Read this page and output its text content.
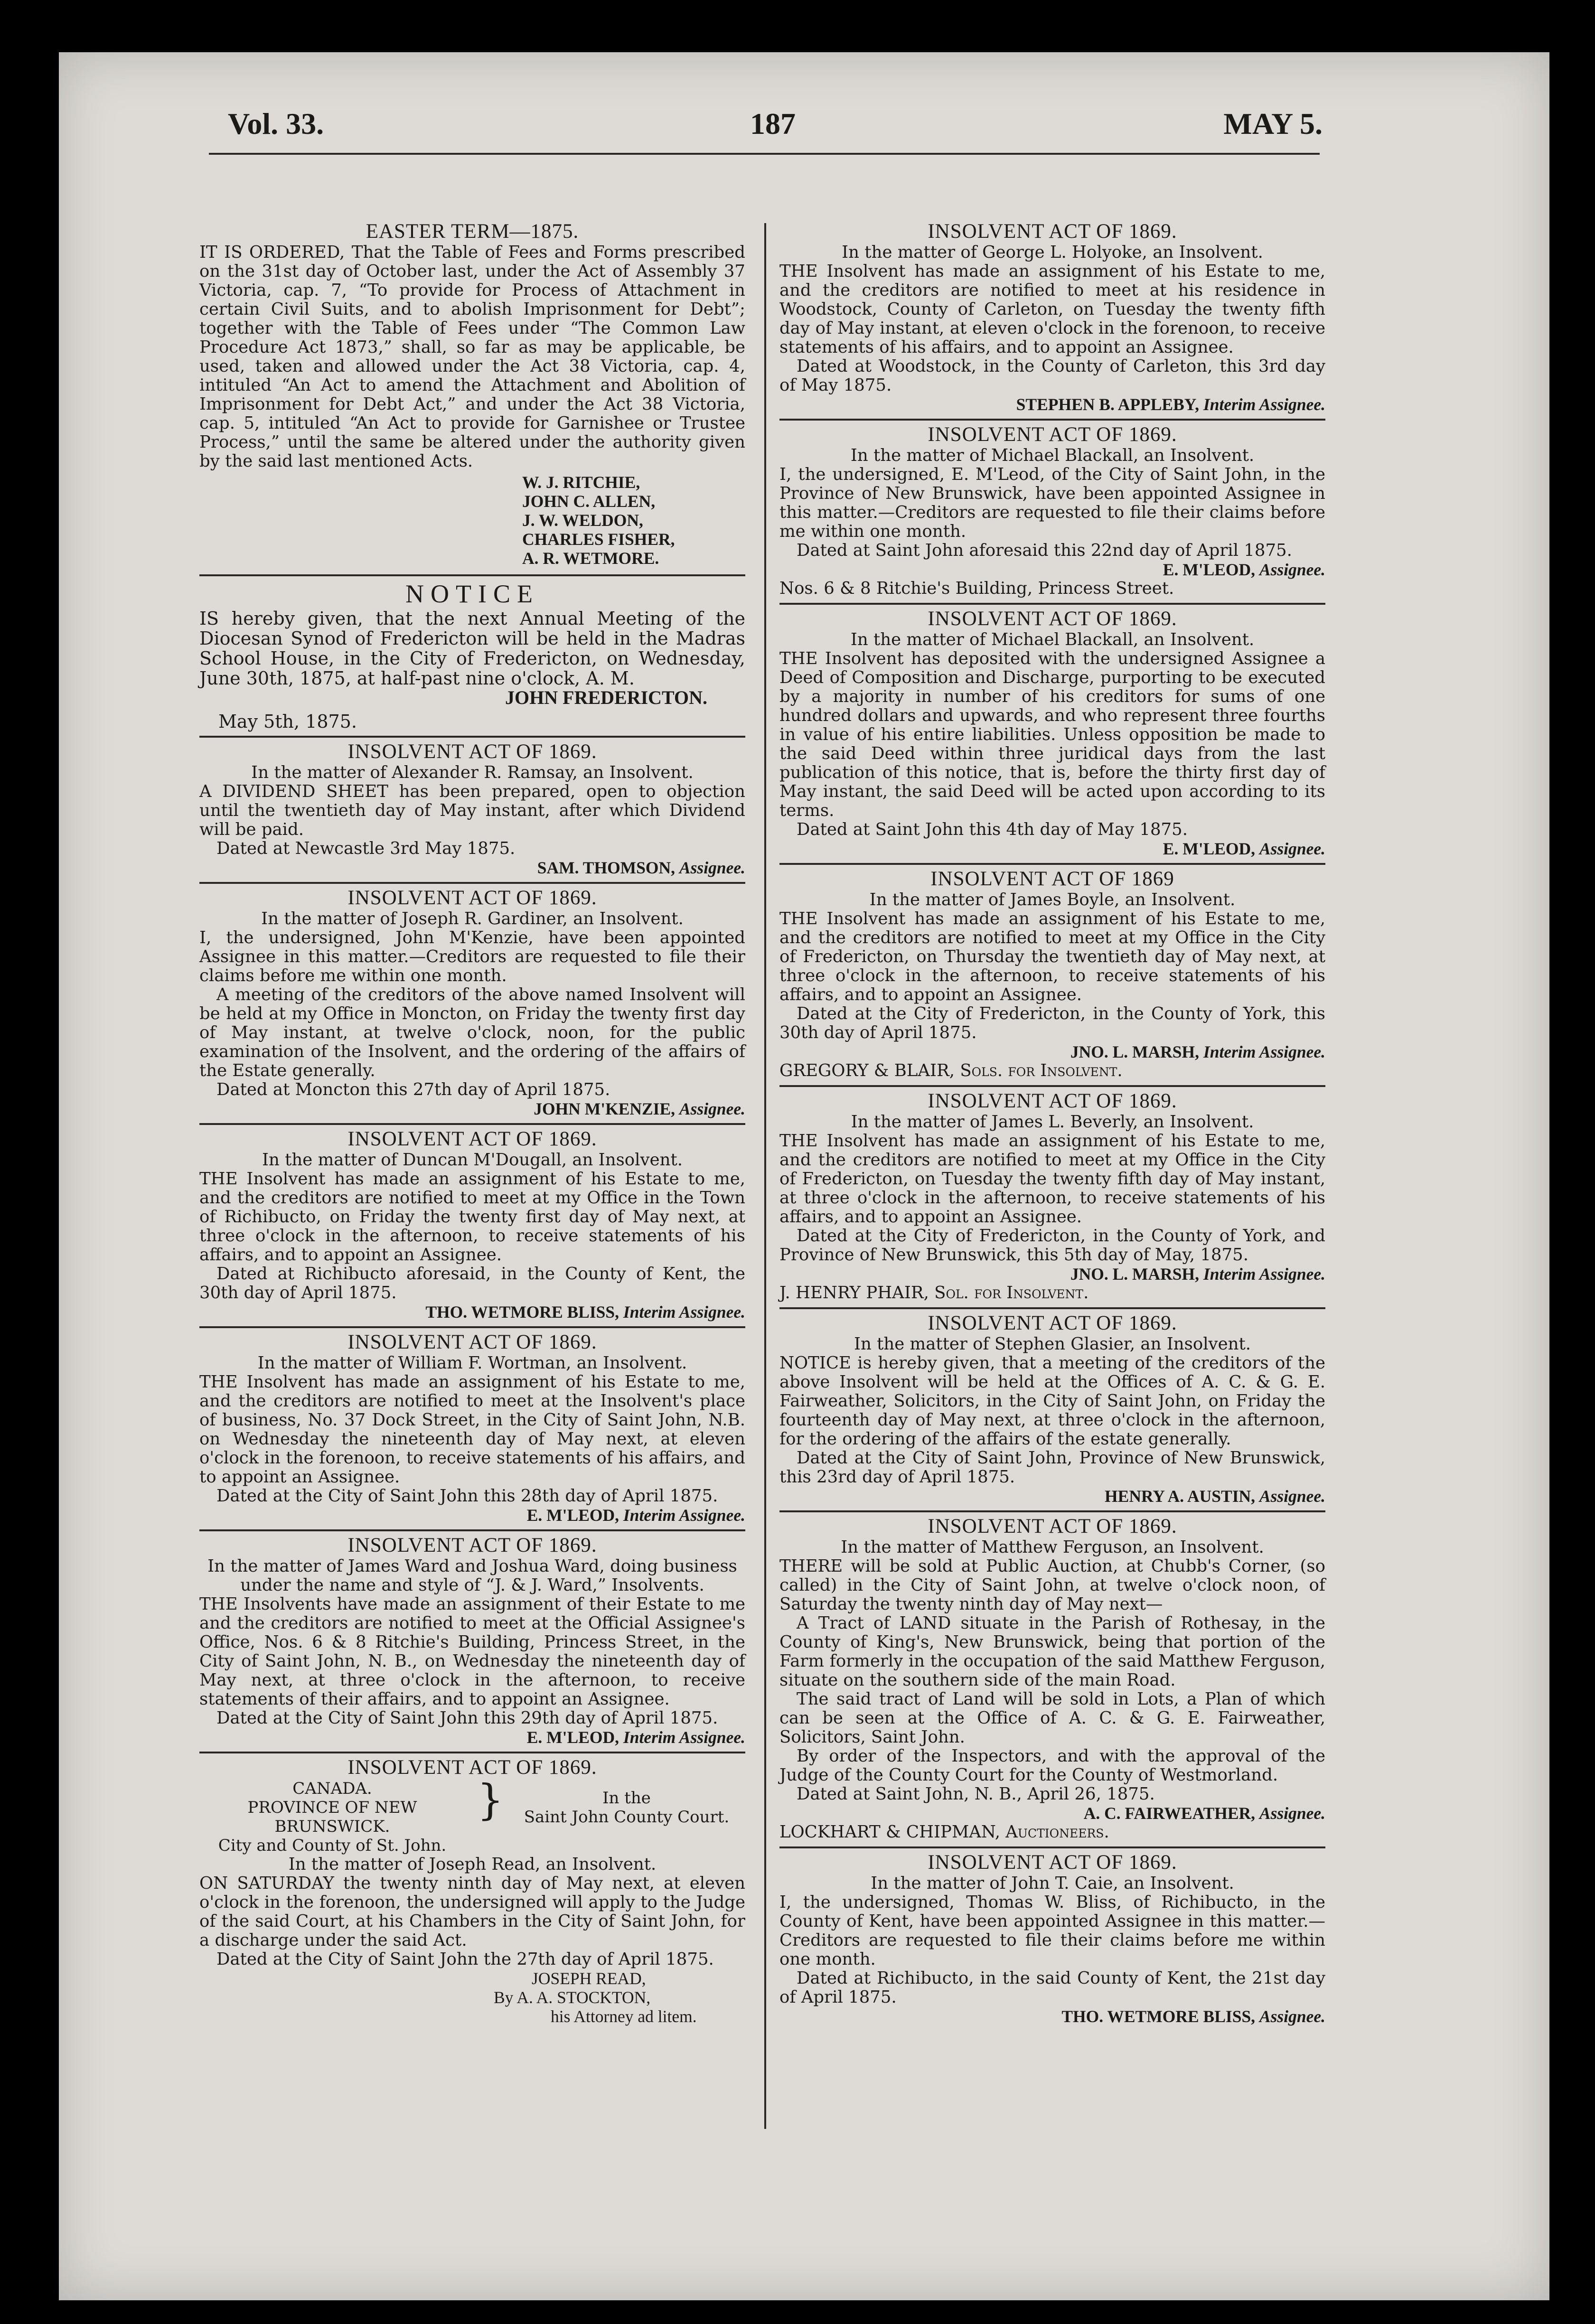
Vol. 33.	187	MAY 5.
EASTER TERM—1875.

IT IS ORDERED, That the Table of Fees and Forms prescribed on the 31st day of October last, under the Act of Assembly 37 Victoria, cap. 7, “To provide for Process of Attachment in certain Civil Suits, and to abolish Imprisonment for Debt”; together with the Table of Fees under “The Common Law Procedure Act 1873,” shall, so far as may be applicable, be used, taken and allowed under the Act 38 Victoria, cap. 4, intituled “An Act to amend the Attachment and Abolition of Imprisonment for Debt Act,” and under the Act 38 Victoria, cap. 5, intituled “An Act to provide for Garnishee or Trustee Process,” until the same be altered under the authority given by the said last mentioned Acts.

W. J. RITCHIE,
JOHN C. ALLEN,
J. W. WELDON,
CHARLES FISHER,
A. R. WETMORE.
NOTICE

IS hereby given, that the next Annual Meeting of the Diocesan Synod of Fredericton will be held in the Madras School House, in the City of Fredericton, on Wednesday, June 30th, 1875, at half-past nine o'clock, A. M.

JOHN FREDERICTON.

May 5th, 1875.

INSOLVENT ACT OF 1869.

In the matter of Alexander R. Ramsay, an Insolvent.

A DIVIDEND SHEET has been prepared, open to objection until the twentieth day of May instant, after which Dividend will be paid.

Dated at Newcastle 3rd May 1875.

SAM. THOMSON, Assignee.

INSOLVENT ACT OF 1869.

In the matter of Joseph R. Gardiner, an Insolvent.

I, the undersigned, John M'Kenzie, have been appointed Assignee in this matter.—Creditors are requested to file their claims before me within one month.

A meeting of the creditors of the above named Insolvent will be held at my Office in Moncton, on Friday the twenty first day of May instant, at twelve o'clock, noon, for the public examination of the Insolvent, and the ordering of the affairs of the Estate generally.

Dated at Moncton this 27th day of April 1875.

JOHN M'KENZIE, Assignee.

INSOLVENT ACT OF 1869.

In the matter of Duncan M'Dougall, an Insolvent.

THE Insolvent has made an assignment of his Estate to me, and the creditors are notified to meet at my Office in the Town of Richibucto, on Friday the twenty first day of May next, at three o'clock in the afternoon, to receive statements of his affairs, and to appoint an Assignee.

Dated at Richibucto aforesaid, in the County of Kent, the 30th day of April 1875.

THO. WETMORE BLISS, Interim Assignee.

INSOLVENT ACT OF 1869.

In the matter of William F. Wortman, an Insolvent.

THE Insolvent has made an assignment of his Estate to me, and the creditors are notified to meet at the Insolvent's place of business, No. 37 Dock Street, in the City of Saint John, N.B. on Wednesday the nineteenth day of May next, at eleven o'clock in the forenoon, to receive statements of his affairs, and to appoint an Assignee.

Dated at the City of Saint John this 28th day of April 1875.

E. M'LEOD, Interim Assignee.

INSOLVENT ACT OF 1869.

In the matter of James Ward and Joshua Ward, doing business under the name and style of “J. & J. Ward,” Insolvents.

THE Insolvents have made an assignment of their Estate to me and the creditors are notified to meet at the Official Assignee's Office, Nos. 6 & 8 Ritchie's Building, Princess Street, in the City of Saint John, N. B., on Wednesday the nineteenth day of May next, at three o'clock in the afternoon, to receive statements of their affairs, and to appoint an Assignee.

Dated at the City of Saint John this 29th day of April 1875.

E. M'LEOD, Interim Assignee.

INSOLVENT ACT OF 1869.
CANADA.
PROVINCE OF NEW BRUNSWICK.
City and County of St. John.
}	In the
Saint John County Court.

In the matter of Joseph Read, an Insolvent.

ON SATURDAY the twenty ninth day of May next, at eleven o'clock in the forenoon, the undersigned will apply to the Judge of the said Court, at his Chambers in the City of Saint John, for a discharge under the said Act.

Dated at the City of Saint John the 27th day of April 1875.

JOSEPH READ,
By A. A. STOCKTON,
his Attorney ad litem.
INSOLVENT ACT OF 1869.

In the matter of George L. Holyoke, an Insolvent.

THE Insolvent has made an assignment of his Estate to me, and the creditors are notified to meet at his residence in Woodstock, County of Carleton, on Tuesday the twenty fifth day of May instant, at eleven o'clock in the forenoon, to receive statements of his affairs, and to appoint an Assignee.

Dated at Woodstock, in the County of Carleton, this 3rd day of May 1875.

STEPHEN B. APPLEBY, Interim Assignee.

INSOLVENT ACT OF 1869.

In the matter of Michael Blackall, an Insolvent.

I, the undersigned, E. M'Leod, of the City of Saint John, in the Province of New Brunswick, have been appointed Assignee in this matter.—Creditors are requested to file their claims before me within one month.

Dated at Saint John aforesaid this 22nd day of April 1875.

E. M'LEOD, Assignee.

Nos. 6 & 8 Ritchie's Building, Princess Street.

INSOLVENT ACT OF 1869.

In the matter of Michael Blackall, an Insolvent.

THE Insolvent has deposited with the undersigned Assignee a Deed of Composition and Discharge, purporting to be executed by a majority in number of his creditors for sums of one hundred dollars and upwards, and who represent three fourths in value of his entire liabilities. Unless opposition be made to the said Deed within three juridical days from the last publication of this notice, that is, before the thirty first day of May instant, the said Deed will be acted upon according to its terms.

Dated at Saint John this 4th day of May 1875.

E. M'LEOD, Assignee.

INSOLVENT ACT OF 1869

In the matter of James Boyle, an Insolvent.

THE Insolvent has made an assignment of his Estate to me, and the creditors are notified to meet at my Office in the City of Fredericton, on Thursday the twentieth day of May next, at three o'clock in the afternoon, to receive statements of his affairs, and to appoint an Assignee.

Dated at the City of Fredericton, in the County of York, this 30th day of April 1875.

JNO. L. MARSH, Interim Assignee.

GREGORY & BLAIR, Sols. for Insolvent.

INSOLVENT ACT OF 1869.

In the matter of James L. Beverly, an Insolvent.

THE Insolvent has made an assignment of his Estate to me, and the creditors are notified to meet at my Office in the City of Fredericton, on Tuesday the twenty fifth day of May instant, at three o'clock in the afternoon, to receive statements of his affairs, and to appoint an Assignee.

Dated at the City of Fredericton, in the County of York, and Province of New Brunswick, this 5th day of May, 1875.

JNO. L. MARSH, Interim Assignee.

J. HENRY PHAIR, Sol. for Insolvent.

INSOLVENT ACT OF 1869.

In the matter of Stephen Glasier, an Insolvent.

NOTICE is hereby given, that a meeting of the creditors of the above Insolvent will be held at the Offices of A. C. & G. E. Fairweather, Solicitors, in the City of Saint John, on Friday the fourteenth day of May next, at three o'clock in the afternoon, for the ordering of the affairs of the estate generally.

Dated at the City of Saint John, Province of New Brunswick, this 23rd day of April 1875.

HENRY A. AUSTIN, Assignee.

INSOLVENT ACT OF 1869.

In the matter of Matthew Ferguson, an Insolvent.

THERE will be sold at Public Auction, at Chubb's Corner, (so called) in the City of Saint John, at twelve o'clock noon, of Saturday the twenty ninth day of May next—

A Tract of LAND situate in the Parish of Rothesay, in the County of King's, New Brunswick, being that portion of the Farm formerly in the occupation of the said Matthew Ferguson, situate on the southern side of the main Road.

The said tract of Land will be sold in Lots, a Plan of which can be seen at the Office of A. C. & G. E. Fairweather, Solicitors, Saint John.

By order of the Inspectors, and with the approval of the Judge of the County Court for the County of Westmorland.

Dated at Saint John, N. B., April 26, 1875.

A. C. FAIRWEATHER, Assignee.

LOCKHART & CHIPMAN, Auctioneers.

INSOLVENT ACT OF 1869.

In the matter of John T. Caie, an Insolvent.

I, the undersigned, Thomas W. Bliss, of Richibucto, in the County of Kent, have been appointed Assignee in this matter.—Creditors are requested to file their claims before me within one month.

Dated at Richibucto, in the said County of Kent, the 21st day of April 1875.

THO. WETMORE BLISS, Assignee.
